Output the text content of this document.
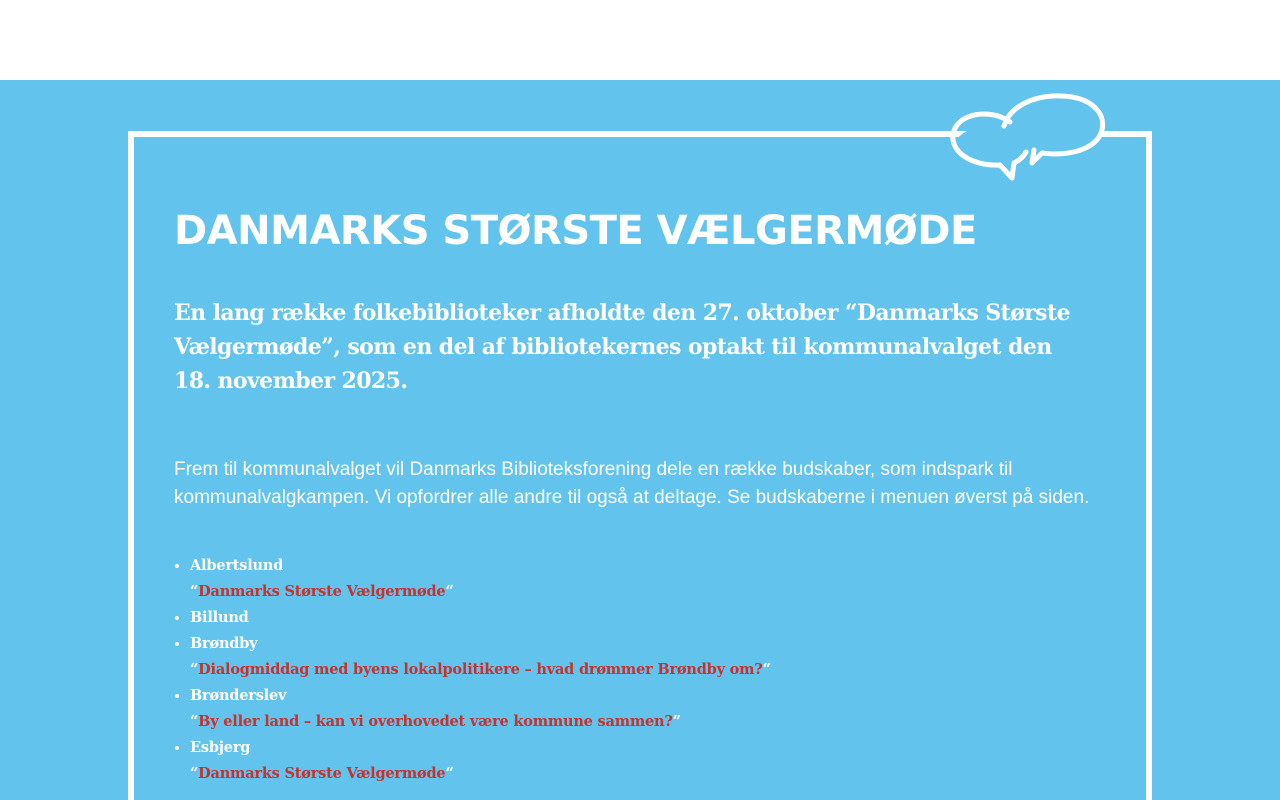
DANMARKS STØRSTE VÆLGERMØDE

En lang række folkebiblioteker afholdte den 27. oktober “Danmarks Største Vælgermøde”, som en del af bibliotekernes optakt til kommunalvalget den 18. november 2025.

Frem til kommunalvalget vil Danmarks Biblioteksforening dele en række budskaber, som indspark til kommunalvalgkampen. Vi opfordrer alle andre til også at deltage. Se budskaberne i menuen øverst på siden.

• Albertslund
“Danmarks Største Vælgermøde“
• Billund
• Brøndby
“Dialogmiddag med byens lokalpolitikere – hvad drømmer Brøndby om?“
• Brønderslev
“By eller land – kan vi overhovedet være kommune sammen?”
• Esbjerg
“Danmarks Største Vælgermøde“
